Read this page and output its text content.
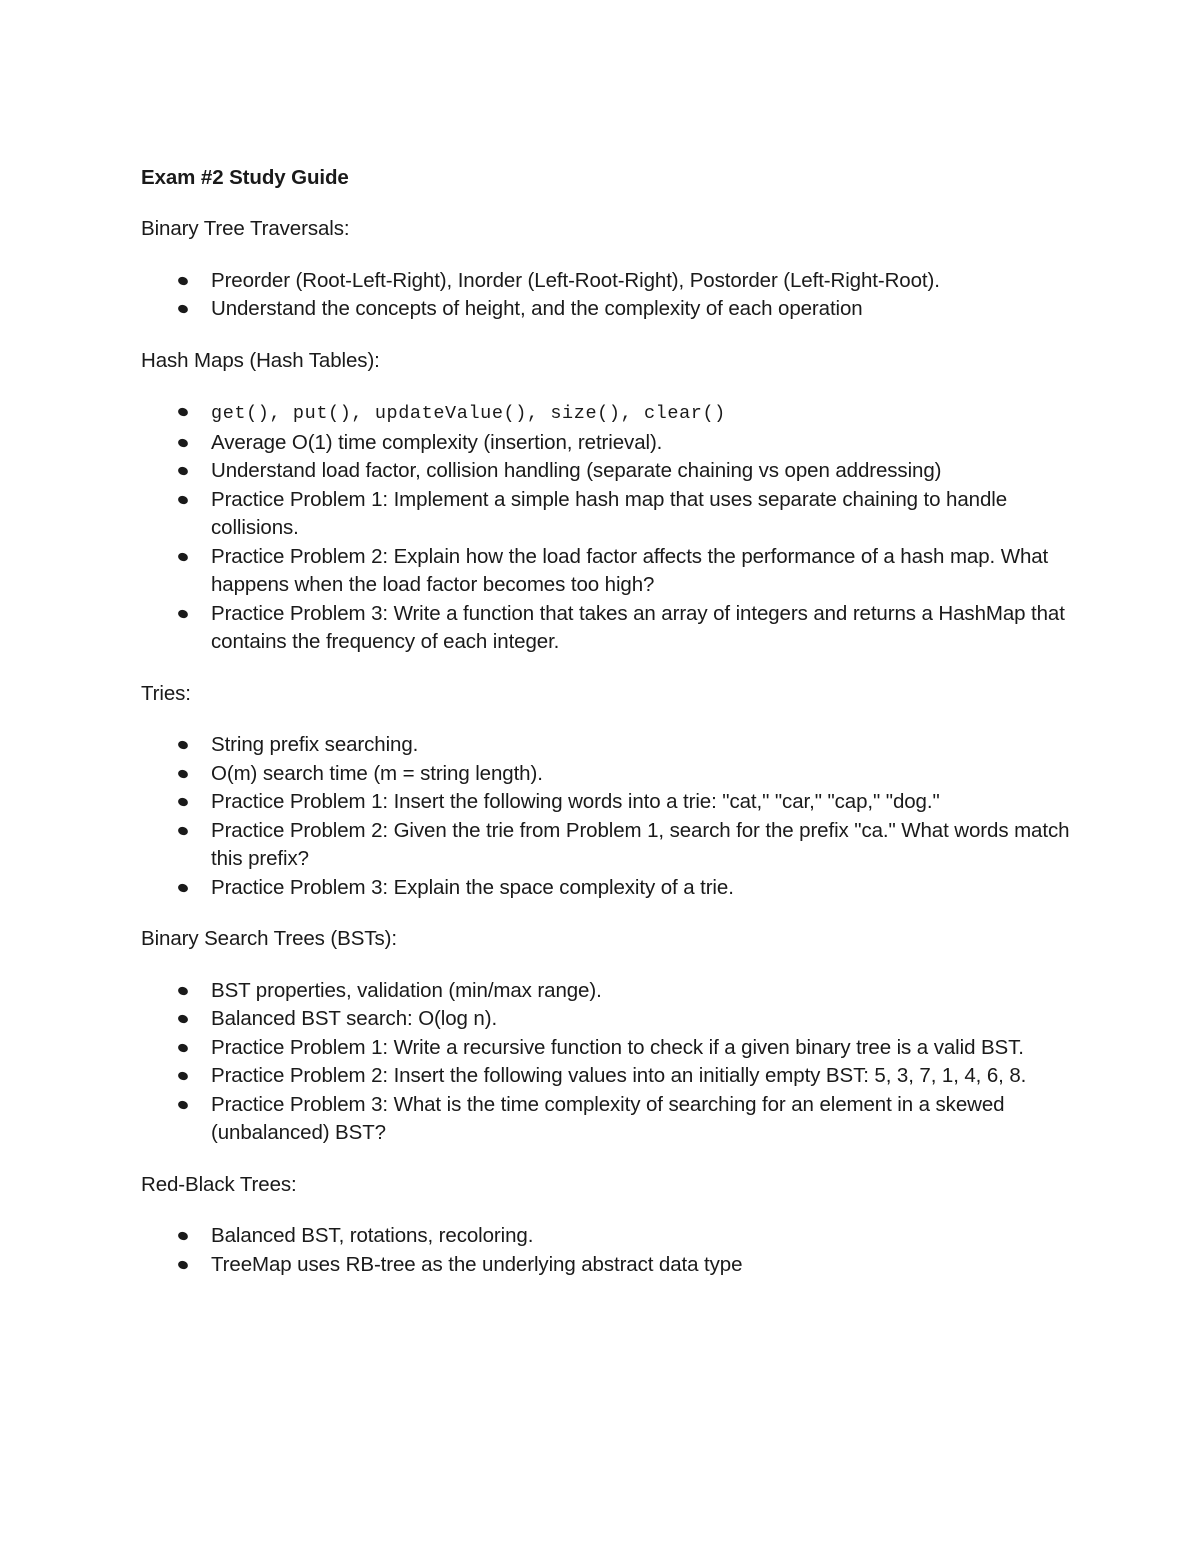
Exam #2 Study Guide
Binary Tree Traversals:
Preorder (Root-Left-Right), Inorder (Left-Root-Right), Postorder (Left-Right-Root).
Understand the concepts of height, and the complexity of each operation
Hash Maps (Hash Tables):
get(), put(), updateValue(), size(), clear()
Average O(1) time complexity (insertion, retrieval).
Understand load factor, collision handling (separate chaining vs open addressing)
Practice Problem 1: Implement a simple hash map that uses separate chaining to handle collisions.
Practice Problem 2: Explain how the load factor affects the performance of a hash map. What happens when the load factor becomes too high?
Practice Problem 3: Write a function that takes an array of integers and returns a HashMap that contains the frequency of each integer.
Tries:
String prefix searching.
O(m) search time (m = string length).
Practice Problem 1: Insert the following words into a trie: "cat," "car," "cap," "dog."
Practice Problem 2: Given the trie from Problem 1, search for the prefix "ca." What words match this prefix?
Practice Problem 3: Explain the space complexity of a trie.
Binary Search Trees (BSTs):
BST properties, validation (min/max range).
Balanced BST search: O(log n).
Practice Problem 1: Write a recursive function to check if a given binary tree is a valid BST.
Practice Problem 2: Insert the following values into an initially empty BST: 5, 3, 7, 1, 4, 6, 8.
Practice Problem 3: What is the time complexity of searching for an element in a skewed (unbalanced) BST?
Red-Black Trees:
Balanced BST, rotations, recoloring.
TreeMap uses RB-tree as the underlying abstract data type
